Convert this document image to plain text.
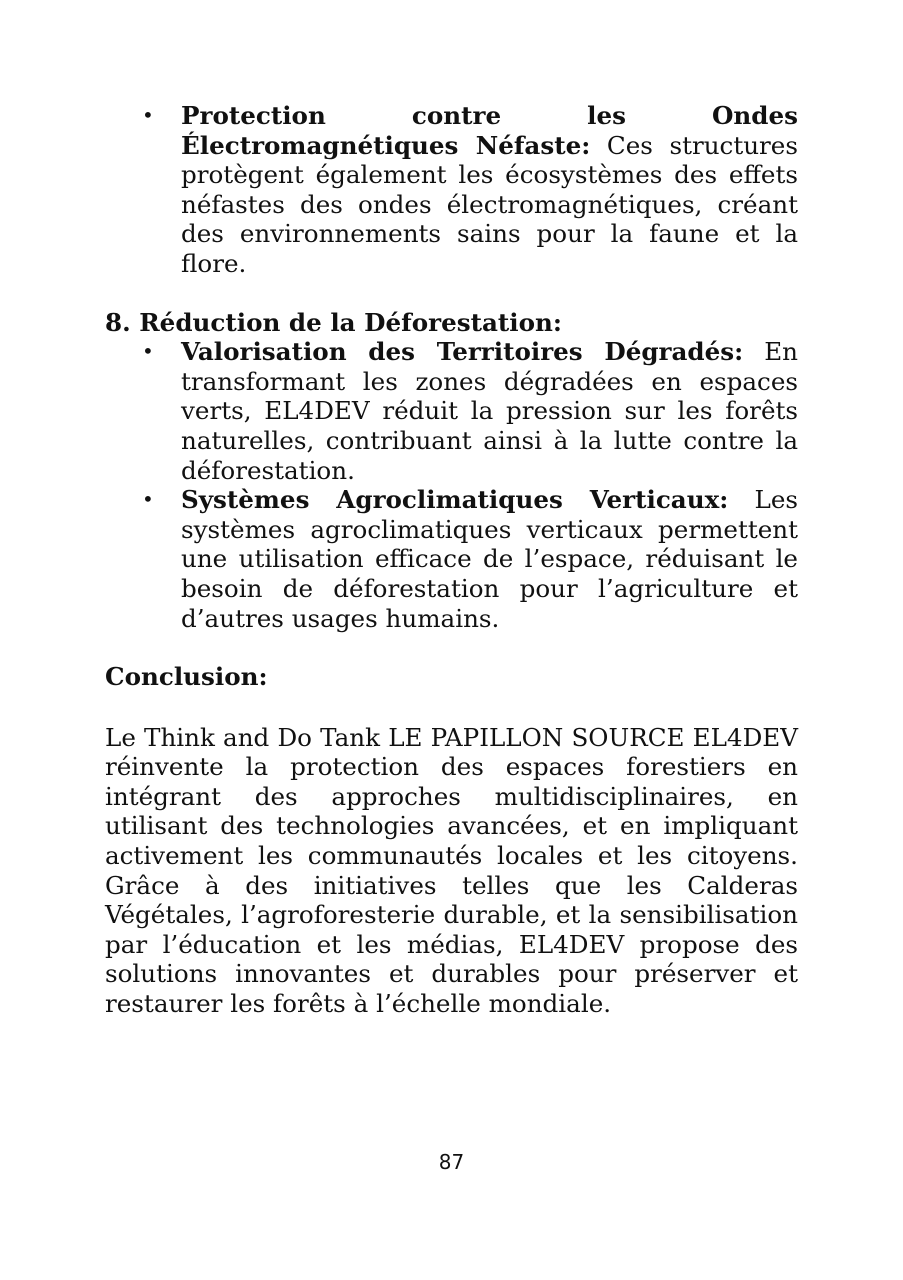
• Protection contre les Ondes Électromagnétiques Néfaste: Ces structures protègent également les écosystèmes des effets néfastes des ondes électromagnétiques, créant des environnements sains pour la faune et la flore.
8. Réduction de la Déforestation:
• Valorisation des Territoires Dégradés: En transformant les zones dégradées en espaces verts, EL4DEV réduit la pression sur les forêts naturelles, contribuant ainsi à la lutte contre la déforestation.
• Systèmes Agroclimatiques Verticaux: Les systèmes agroclimatiques verticaux permettent une utilisation efficace de l’espace, réduisant le besoin de déforestation pour l’agriculture et d’autres usages humains.
Conclusion:

Le Think and Do Tank LE PAPILLON SOURCE EL4DEV réinvente la protection des espaces forestiers en intégrant des approches multidisciplinaires, en utilisant des technologies avancées, et en impliquant activement les communautés locales et les citoyens. Grâce à des initiatives telles que les Calderas Végétales, l’agroforesterie durable, et la sensibilisation par l’éducation et les médias, EL4DEV propose des solutions innovantes et durables pour préserver et restaurer les forêts à l’échelle mondiale.

87
